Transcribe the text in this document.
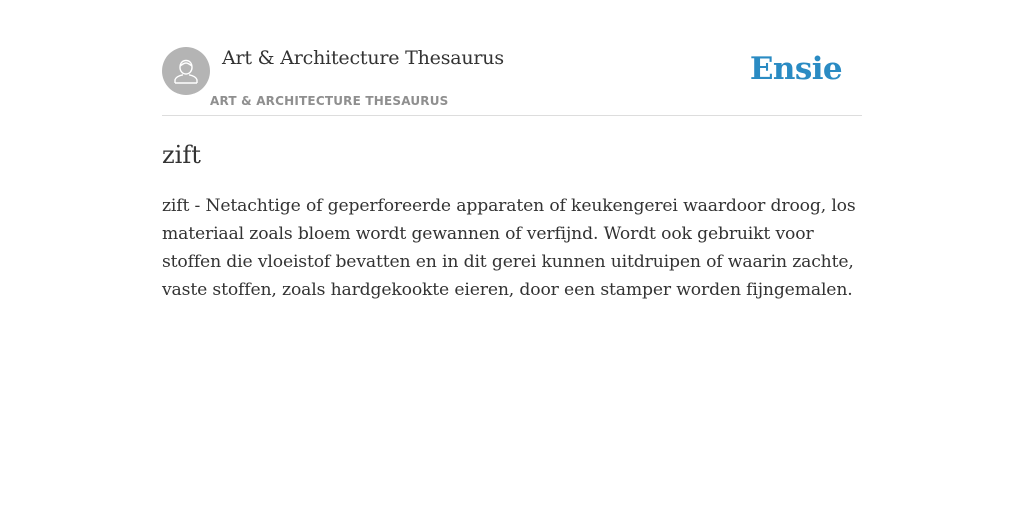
Art & Architecture Thesaurus
ART & ARCHITECTURE THESAURUS
Ensie
zift

zift - Netachtige of geperforeerde apparaten of keukengerei waardoor droog, los materiaal zoals bloem wordt gewannen of verfijnd. Wordt ook gebruikt voor stoffen die vloeistof bevatten en in dit gerei kunnen uitdruipen of waarin zachte, vaste stoffen, zoals hardgekookte eieren, door een stamper worden fijngemalen.
